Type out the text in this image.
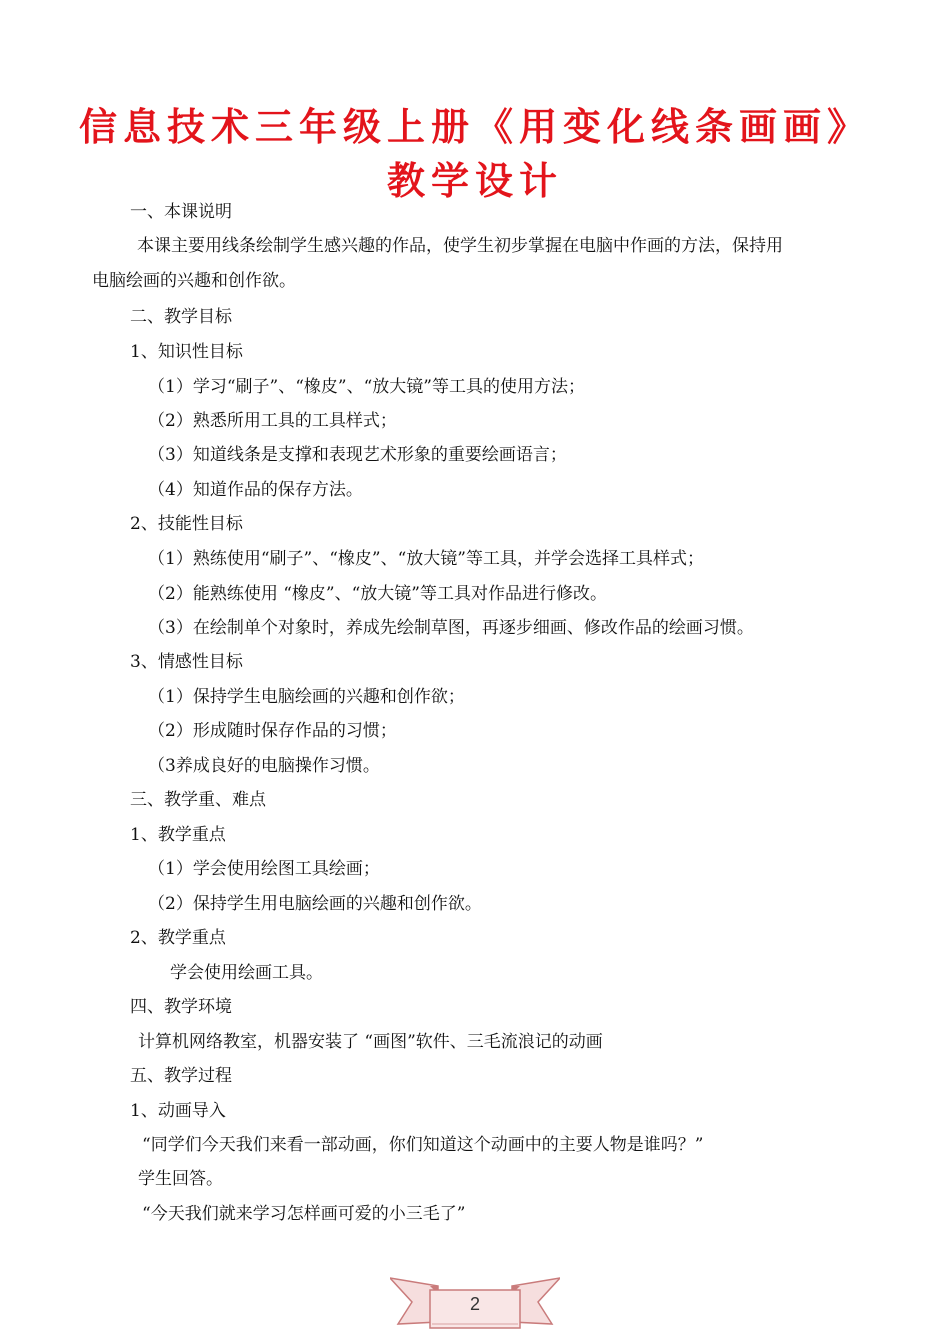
信息技术三年级上册《用变化线条画画》教学设计
一、本课说明
本课主要用线条绘制学生感兴趣的作品，使学生初步掌握在电脑中作画的方法，保持用
电脑绘画的兴趣和创作欲。
二、教学目标
1、知识性目标
（1）学习“刷子”、“橡皮”、“放大镜”等工具的使用方法；
（2）熟悉所用工具的工具样式；
（3）知道线条是支撑和表现艺术形象的重要绘画语言；
（4）知道作品的保存方法。
2、技能性目标
（1）熟练使用“刷子”、“橡皮”、“放大镜”等工具，并学会选择工具样式；
（2）能熟练使用 “橡皮”、“放大镜”等工具对作品进行修改。
（3）在绘制单个对象时，养成先绘制草图，再逐步细画、修改作品的绘画习惯。
3、情感性目标
（1）保持学生电脑绘画的兴趣和创作欲；
（2）形成随时保存作品的习惯；
（3养成良好的电脑操作习惯。
三、教学重、难点
1、教学重点
（1）学会使用绘图工具绘画；
（2）保持学生用电脑绘画的兴趣和创作欲。
2、教学重点
学会使用绘画工具。
四、教学环境
计算机网络教室，机器安装了 “画图”软件、三毛流浪记的动画
五、教学过程
1、动画导入
“同学们今天我们来看一部动画，你们知道这个动画中的主要人物是谁吗？”
学生回答。
“今天我们就来学习怎样画可爱的小三毛了”
2
